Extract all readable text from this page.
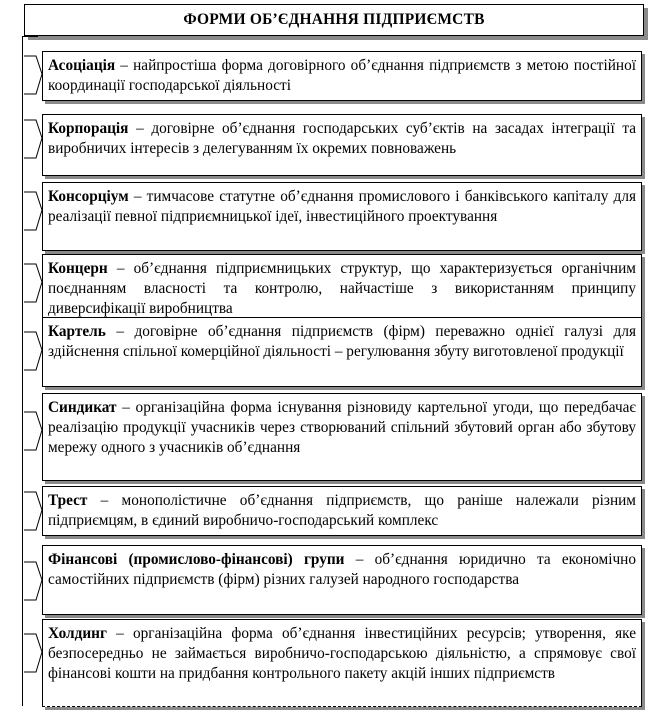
ФОРМИ ОБ’ЄДНАННЯ ПІДПРИЄМСТВ
Асоціація – найпростіша форма договірного об’єднання підприємств з метою постійної координації господарської діяльності
Корпорація – договірне об’єднання господарських суб’єктів на засадах інтеграції та виробничих інтересів з делегуванням їх окремих повноважень
Консорціум – тимчасове статутне об’єднання промислового і банківського капіталу для реалізації певної підприємницької ідеї, інвестиційного проектування
Концерн – об’єднання підприємницьких структур, що характеризується органічним поєднанням власності та контролю, найчастіше з використанням принципу диверсифікації виробництва
Картель – договірне об’єднання підприємств (фірм) переважно однієї галузі для здійснення спільної комерційної діяльності – регулювання збуту виготовленої продукції
Синдикат – організаційна форма існування різновиду картельної угоди, що передбачає реалізацію продукції учасників через створюваний спільний збутовий орган або збутову мережу одного з учасників об’єднання
Трест – монополістичне об’єднання підприємств, що раніше належали різним підприємцям, в єдиний виробничо-господарський комплекс
Фінансові (промислово-фінансові) групи – об’єднання юридично та економічно самостійних підприємств (фірм) різних галузей народного господарства
Холдинг – організаційна форма об’єднання інвестиційних ресурсів; утворення, яке безпосередньо не займається виробничо-господарською діяльністю, а спрямовує свої фінансові кошти на придбання контрольного пакету акцій інших підприємств
